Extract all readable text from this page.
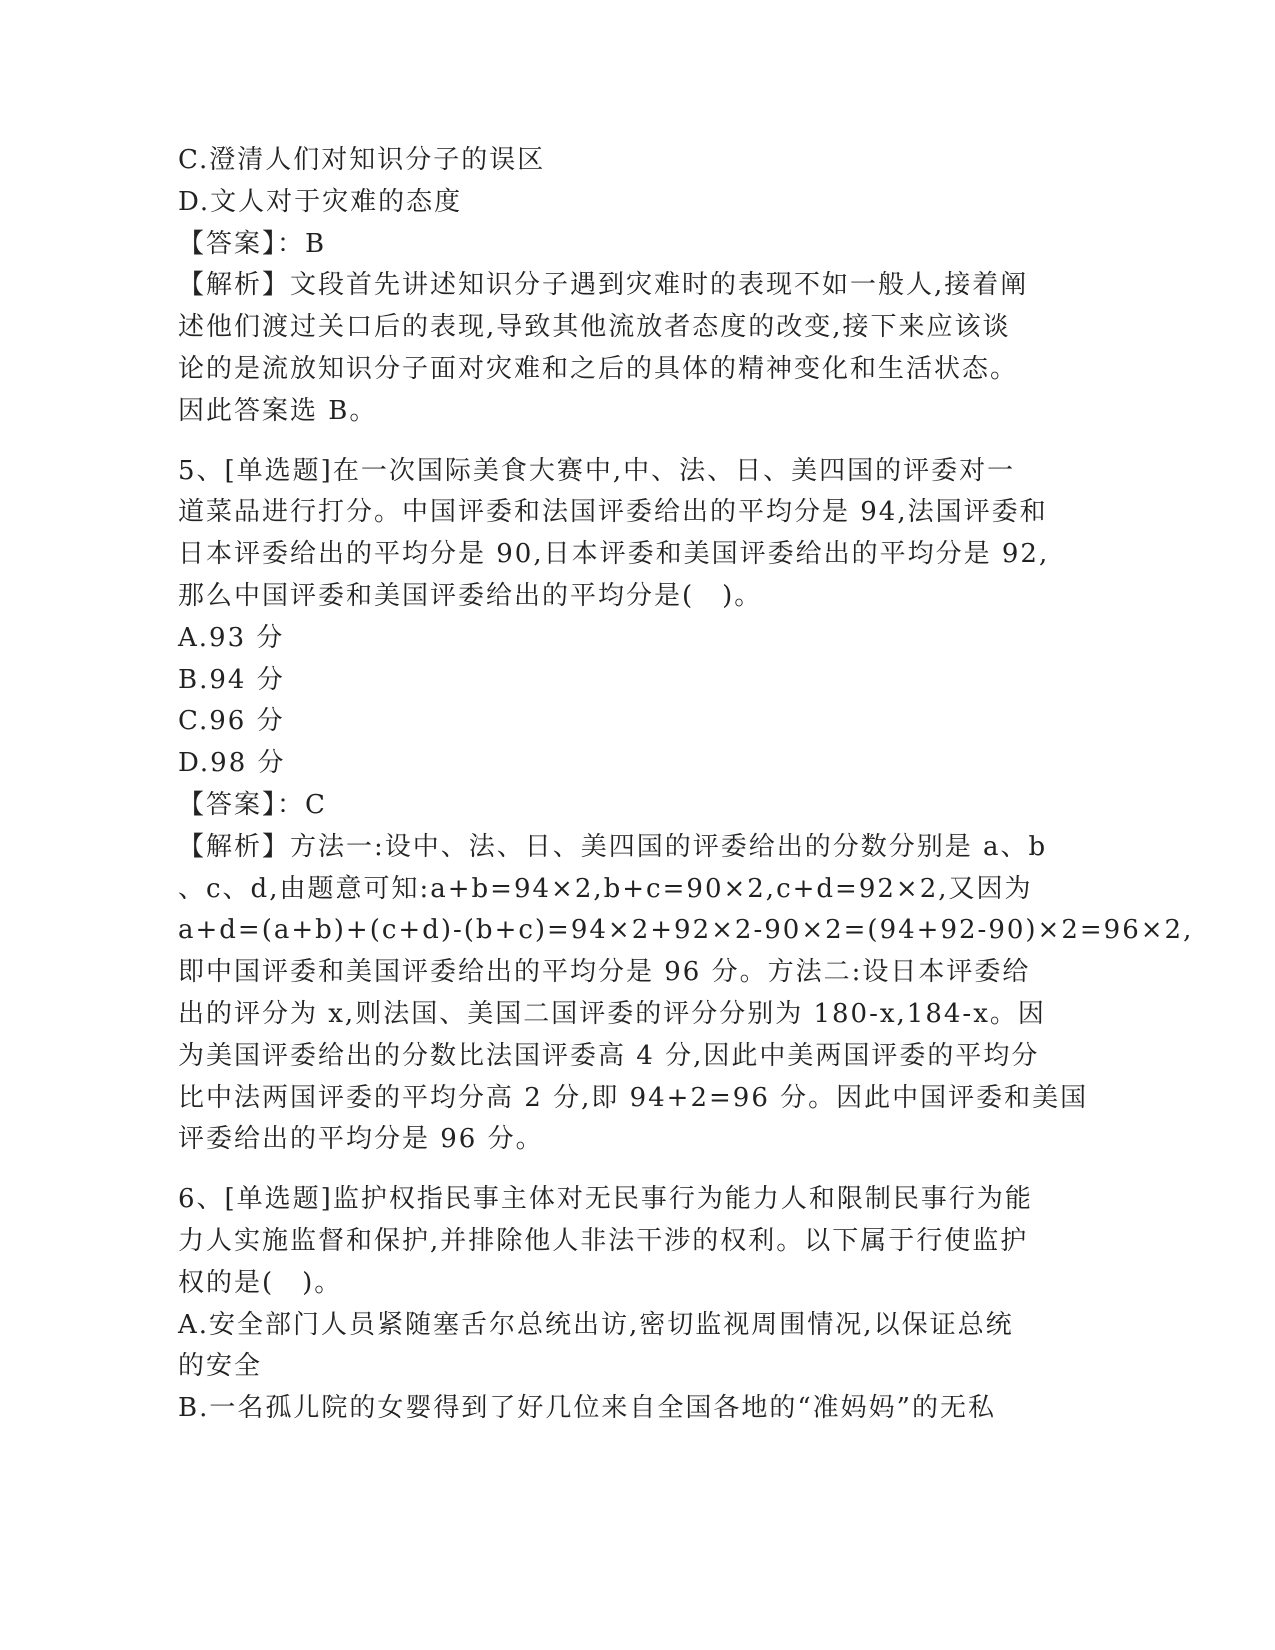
C.澄清人们对知识分子的误区
D.文人对于灾难的态度
【答案】：B
【解析】文段首先讲述知识分子遇到灾难时的表现不如一般人,接着阐
述他们渡过关口后的表现,导致其他流放者态度的改变,接下来应该谈
论的是流放知识分子面对灾难和之后的具体的精神变化和生活状态。
因此答案选 B。
5、[单选题]在一次国际美食大赛中,中、法、日、美四国的评委对一
道菜品进行打分。中国评委和法国评委给出的平均分是 94,法国评委和
日本评委给出的平均分是 90,日本评委和美国评委给出的平均分是 92,
那么中国评委和美国评委给出的平均分是(　)。
A.93 分
B.94 分
C.96 分
D.98 分
【答案】：C
【解析】方法一:设中、法、日、美四国的评委给出的分数分别是 a、b
、c、d,由题意可知:a+b=94×2,b+c=90×2,c+d=92×2,又因为
a+d=(a+b)+(c+d)-(b+c)=94×2+92×2-90×2=(94+92-90)×2=96×2,
即中国评委和美国评委给出的平均分是 96 分。方法二:设日本评委给
出的评分为 x,则法国、美国二国评委的评分分别为 180-x,184-x。因
为美国评委给出的分数比法国评委高 4 分,因此中美两国评委的平均分
比中法两国评委的平均分高 2 分,即 94+2=96 分。因此中国评委和美国
评委给出的平均分是 96 分。
6、[单选题]监护权指民事主体对无民事行为能力人和限制民事行为能
力人实施监督和保护,并排除他人非法干涉的权利。以下属于行使监护
权的是(　)。
A.安全部门人员紧随塞舌尔总统出访,密切监视周围情况,以保证总统
的安全
B.一名孤儿院的女婴得到了好几位来自全国各地的“准妈妈”的无私
